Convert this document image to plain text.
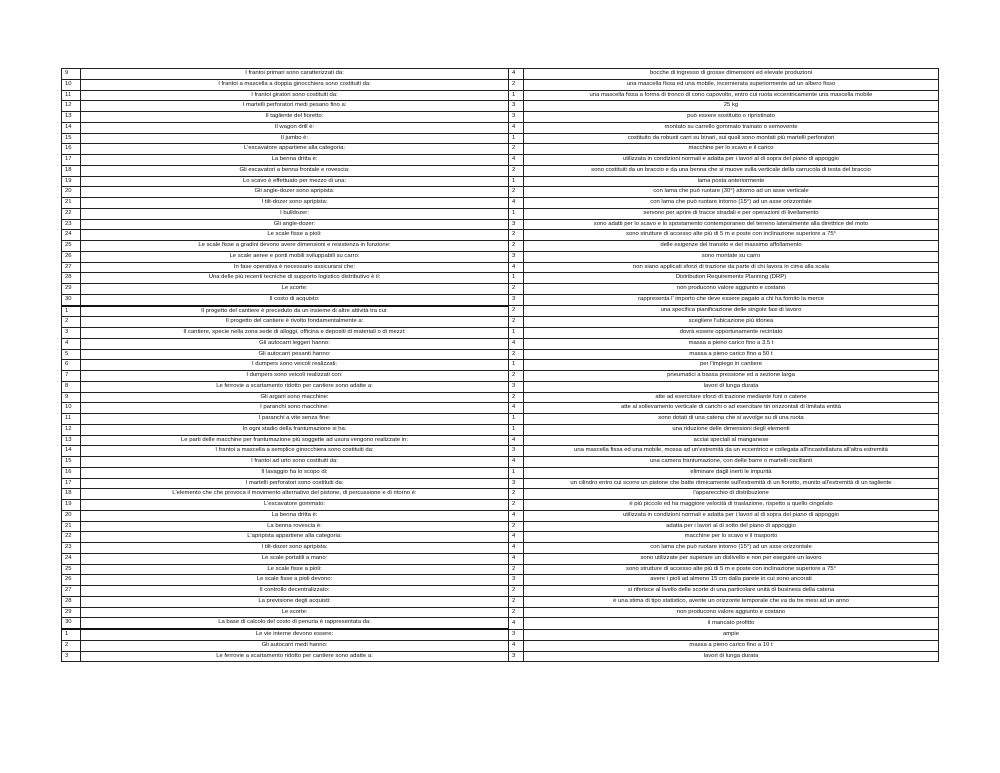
9	I frantoi primari sono caratterizzati da:	4	bocche di ingresso di grosse dimensioni ed elevate produzioni
10	I frantoi a mascella a doppia ginocchiera sono costituiti da:	2	una mascella fissa ed una mobile, incernierata superiormente ad un albero fisso
11	I frantoi giratori sono costituiti da:	1	una mascella fissa a forma di tronco di cono capovolto, entro cui ruota eccentricamente una mascella mobile
12	I martelli perforatori medi pesano fino a:	3	25 kg
13	Il tagliente del fioretto:	3	può essere sostituito o ripristinato
14	Il wagon drill è:	4	montato su carrello gommato trainato o semovente
15	Il jumbo è:	1	costituito da robusti carri su binari, sui quali sono montati più martelli perforatori
16	L'escavatore appartiene alla categoria:	2	macchine per lo scavo e il carico
17	La benna dritta è:	4	utilizzata in condizioni normali e adatta per i lavori al di sopra del piano di appoggio
18	Gli escavatori a benna frontale e rovescia:	2	sono costituiti da un braccio e da una benna che si muove sulla verticale della carrucola di testa del braccio
19	Lo scavo è effettuato per mezzo di una:	1	lama posta anteriormente
20	Gli angle-dozer sono apripista:	2	con lama che può ruotare (30°) attorno ad un asse verticale
21	I tilt-dozer sono apripista:	4	con lama che può ruotare intorno (15°) ad un asse orizzontale
22	I bulldozer:	1	servono per aprire di tracce stradali e per operazioni di livellamento
23	Gli angle-dozer:	3	sono adatti per lo scavo e lo spostamento contemporaneo del terreno lateralmente alla direttrice del moto
24	Le scale fisse a pioli:	2	sono strutture di accesso alte più di 5 m e poste con inclinazione superiore a 75°
25	Le scale fisse a gradini devono avere dimensioni e resistenza in funzione:	2	delle esigenze del transito e del massimo affollamento
26	Le scale aeree e ponti mobili sviluppabili su carro:	3	sono montate su carro
27	In fase operativa è necessario assicurarsi che:	4	non siano applicati sforzi di trazione da parte di chi lavora in cima alla scala
28	Una delle più recenti tecniche di supporto logistico distributivo è il:	1	Distribution Requirements Planning (DRP)
29	Le scorte:	2	non producono valore aggiunto e costano
30	Il costo di acquisto:	3	rappresenta l' importo che deve essere pagato a chi ha fornito la merce
1	Il progetto del cantiere è preceduto da un insieme di altre attività tra cui:	2	una specifica pianificazione delle singole fasi di lavoro
2	Il progetto del cantiere è rivolto fondamentalmente a:	2	scegliere l'ubicazione più idonea
3	Il cantiere, specie nella zona sede di alloggi, officina e depositi di materiali o di mezzi:	1	dovrà essere opportunamente recintato
4	Gli autocarri leggeri hanno:	4	massa a pieno carico fino a 3.5 t
5	Gli autocarri pesanti hanno:	2	massa a pieno carico fino a 50 t
6	I dumpers sono veicoli realizzati:	1	per l'impiego in cantiere
7	I dumpers sono veicoli realizzati con:	2	pneumatici a bassa pressione ed a sezione larga
8	Le ferrovie a scartamento ridotto per cantiere sono adatte a:	3	lavori di lunga durata
9	Gli argani sono macchine:	2	atte ad esercitare sforzi di trazione mediante funi o catene
10	I paranchi sono macchine:	4	atte al sollevamento verticale di carichi o ad esercitare tiri orizzontali di limitata entità
11	I paranchi a vite senza fine:	1	sono dotati di una catena che si avvolge su di una ruota
12	In ogni stadio della frantumazione si ha:	1	una riduzione delle dimensioni degli elementi
13	Le parti delle macchine per frantumazione più soggette ad usura vengono realizzate in:	4	acciai speciali al manganese
14	I frantoi a mascella a semplice ginocchiera sono costituiti da:	3	una mascella fissa ed una mobile, mossa ad un'estremità da un eccentrico e collegata all'incastellatura all'altra estremità
15	I frantoi ad urto sono costituiti da:	4	una camera frantumazione, con delle barre o martelli oscillanti
16	Il lavaggio ha lo scopo di:	1	eliminare dagli inerti le impurità
17	I martelli perforatori sono costituiti da:	3	un cilindro entro cui scorre un pistone che batte ritmicamente sull'estremità di un fioretto, munito all'estremità di un tagliente
18	L'elemento che che provoca il movimento alternativo del pistone, di percussione e di ritorno è:	2	l'apparecchio di distribuzione
19	L'escavatore gommato:	2	è più piccolo ed ha maggiore velocità di traslazione, rispetto a quello cingolato
20	La benna dritta è:	4	utilizzata in condizioni normali e adatta per i lavori al di sopra del piano di appoggio
21	La benna rovescia è:	2	adatta per i lavori al di sotto del piano di appoggio
22	L'apripista appartiene alla categoria:	4	macchine per lo scavo e il trasporto
23	I tilt-dozer sono apripista:	4	con lama che può ruotare intorno (15°) ad un asse orizzontale
24	Le scale portatili a mano:	4	sono utilizzate per superare un dislivello e non per eseguire un lavoro
25	Le scale fisse a pioli:	2	sono strutture di accesso alte più di 5 m e poste con inclinazione superiore a 75°
26	Le scale fisse a pioli devono:	3	avere i pioli ad almeno 15 cm dalla parete in cui sono ancorati
27	Il controllo decentralizzato:	2	si riferisce al livello delle scorte di una particolare unità di business della catena
28	La previsione degli acquisti:	2	è una stima di tipo statistico, avente un orizzonte temporale che va da tre mesi ad un anno
29	Le scorte:	2	non producono valore aggiunto e costano
30	La base di calcolo del costo di penuria è rappresentata da:	4	il mancato profitto
1	Le vie interne devono essere:	3	ampie
2	Gli autocarri medi hanno:	4	massa a pieno carico fino a 10 t
3	Le ferrovie a scartamento ridotto per cantiere sono adatte a:	3	lavori di lunga durata
